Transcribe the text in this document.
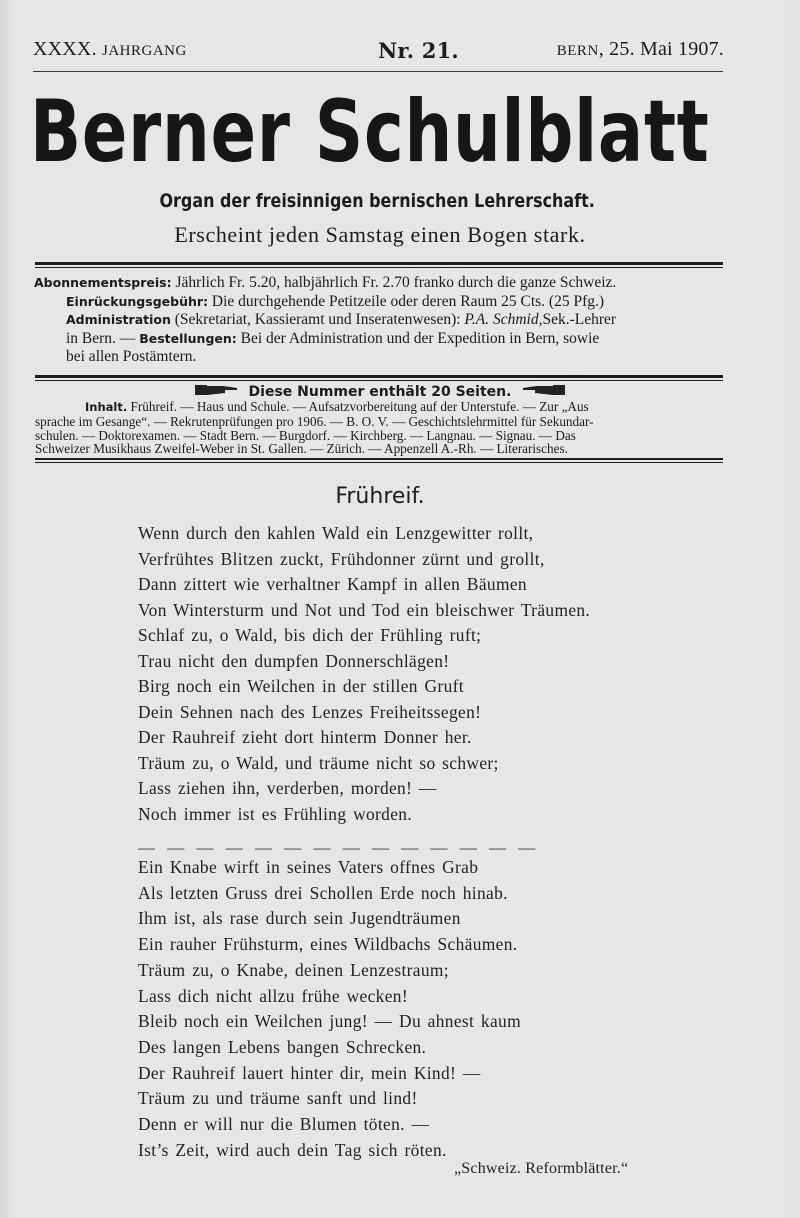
XXXX. JAHRGANG	Nr. 21.	BERN, 25. Mai 1907.
Berner Schulblatt
Organ der freisinnigen bernischen Lehrerschaft.
Erscheint jeden Samstag einen Bogen stark.
Abonnementspreis: Jährlich Fr. 5.20, halbjährlich Fr. 2.70 franko durch die ganze Schweiz.
Einrückungsgebühr: Die durchgehende Petitzeile oder deren Raum 25 Cts. (25 Pfg.)
Administration (Sekretariat, Kassieramt und Inseratenwesen): P.A. Schmid,Sek.-Lehrer
in Bern. — Bestellungen: Bei der Administration und der Expedition in Bern, sowie
bei allen Postämtern.
Diese Nummer enthält 20 Seiten.
Inhalt. Frühreif. — Haus und Schule. — Aufsatzvorbereitung auf der Unterstufe. — Zur „Aus
sprache im Gesange“. — Rekrutenprüfungen pro 1906. — B. O. V. — Geschichtslehrmittel für Sekundar-
schulen. — Doktorexamen. — Stadt Bern. — Burgdorf. — Kirchberg. — Langnau. — Signau. — Das
Schweizer Musikhaus Zweifel-Weber in St. Gallen. — Zürich. — Appenzell A.-Rh. — Literarisches.
Frühreif.
Wenn durch den kahlen Wald ein Lenzgewitter rollt,
Verfrühtes Blitzen zuckt, Frühdonner zürnt und grollt,
Dann zittert wie verhaltner Kampf in allen Bäumen
Von Wintersturm und Not und Tod ein bleischwer Träumen.
Schlaf zu, o Wald, bis dich der Frühling ruft;
Trau nicht den dumpfen Donnerschlägen!
Birg noch ein Weilchen in der stillen Gruft
Dein Sehnen nach des Lenzes Freiheitssegen!
Der Rauhreif zieht dort hinterm Donner her.
Träum zu, o Wald, und träume nicht so schwer;
Lass ziehen ihn, verderben, morden! —
Noch immer ist es Frühling worden.
— — — — — — — — — — — — — —
Ein Knabe wirft in seines Vaters offnes Grab
Als letzten Gruss drei Schollen Erde noch hinab.
Ihm ist, als rase durch sein Jugendträumen
Ein rauher Frühsturm, eines Wildbachs Schäumen.
Träum zu, o Knabe, deinen Lenzestraum;
Lass dich nicht allzu frühe wecken!
Bleib noch ein Weilchen jung! — Du ahnest kaum
Des langen Lebens bangen Schrecken.
Der Rauhreif lauert hinter dir, mein Kind! —
Träum zu und träume sanft und lind!
Denn er will nur die Blumen töten. —
Ist’s Zeit, wird auch dein Tag sich röten.
„Schweiz. Reformblätter.“
